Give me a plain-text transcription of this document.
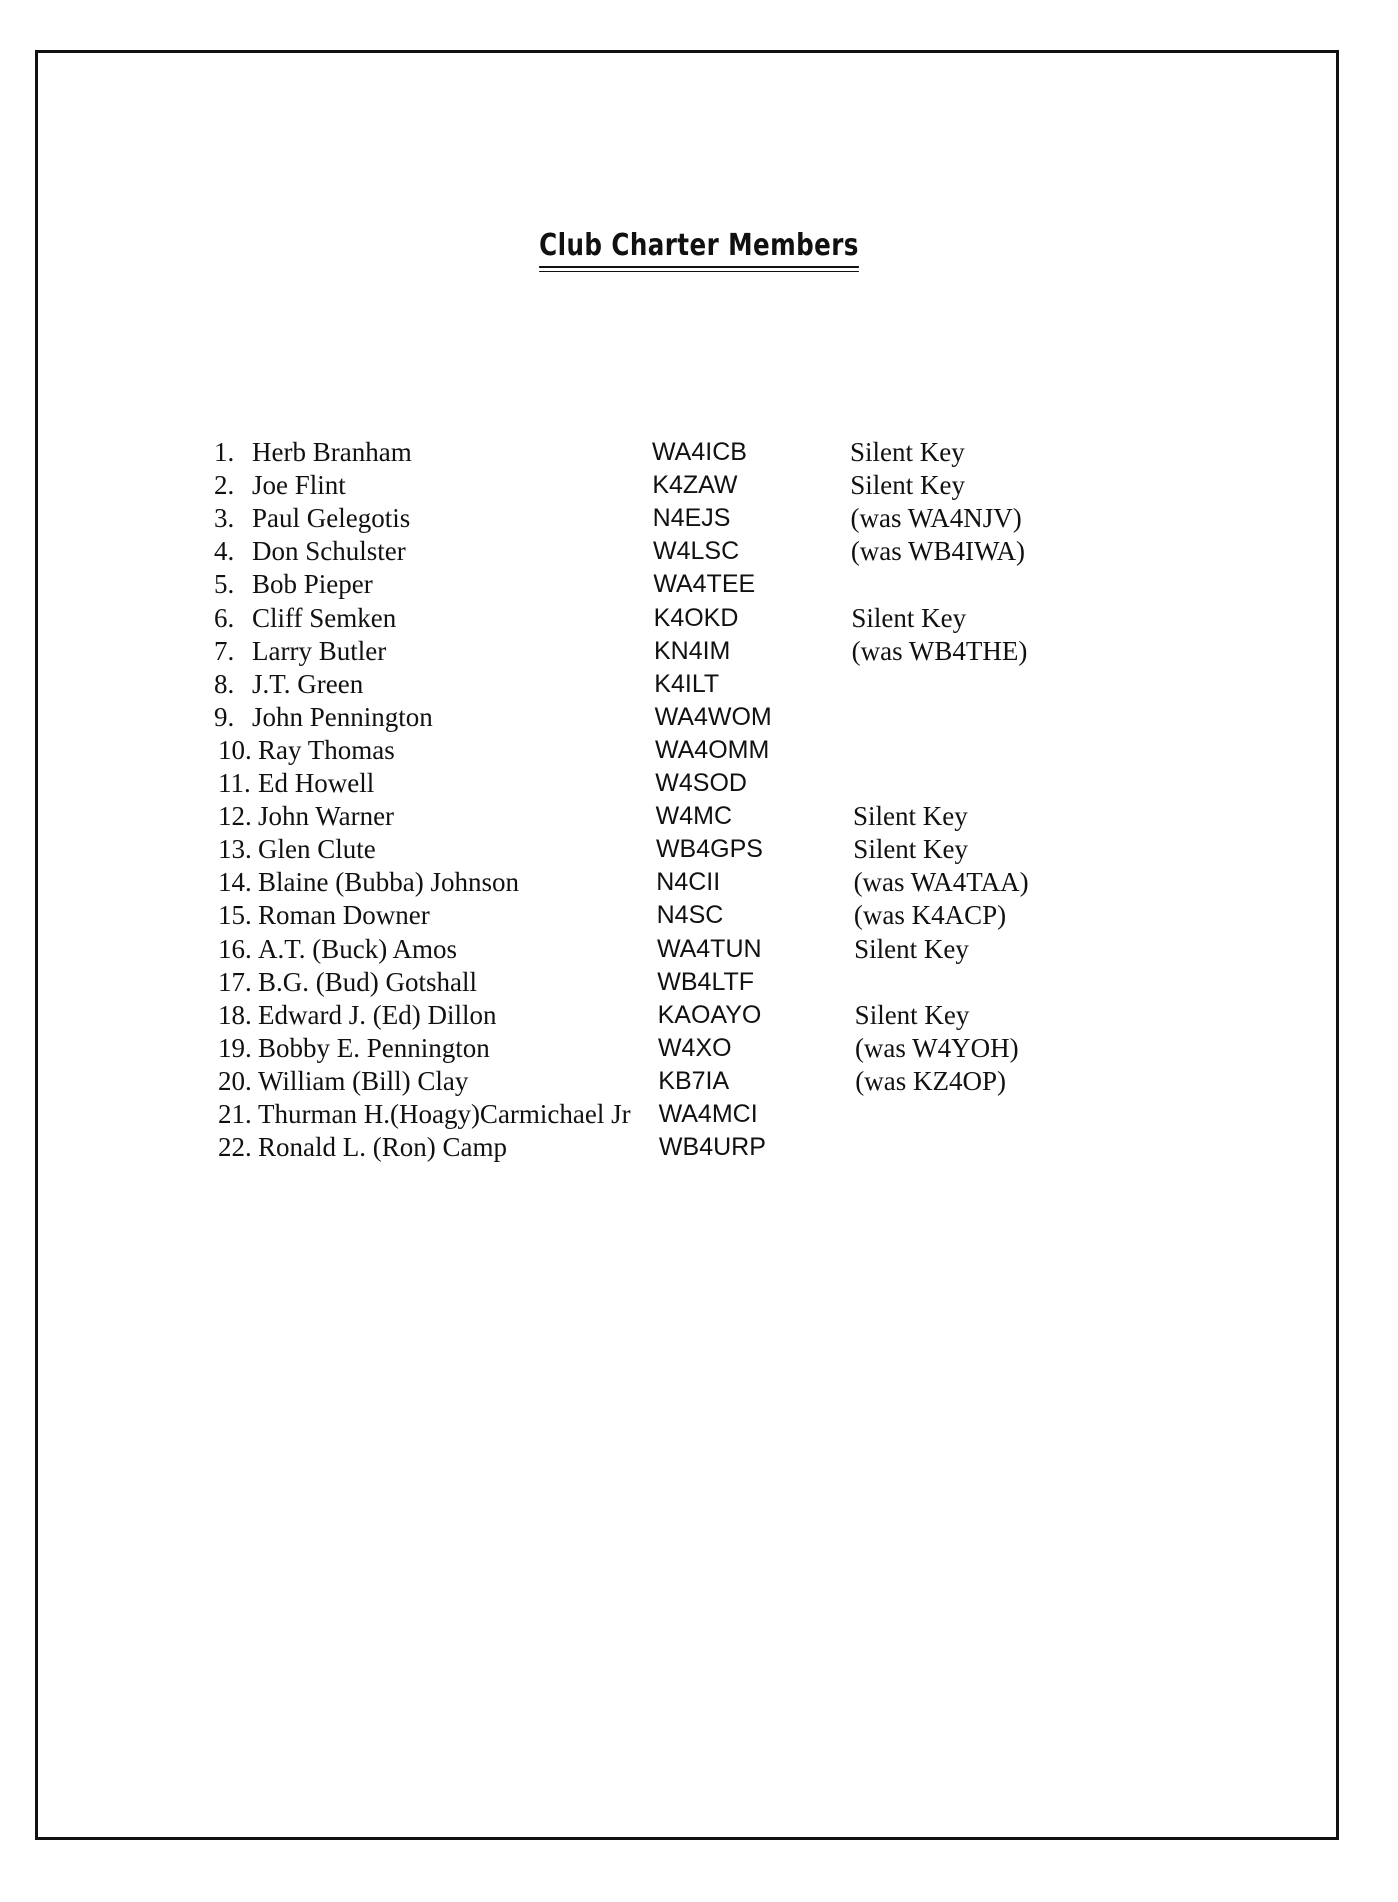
Club Charter Members
1. Herb Branham	WA4ICB	Silent Key
2. Joe Flint	K4ZAW	Silent Key
3. Paul Gelegotis	N4EJS	(was WA4NJV)
4. Don Schulster	W4LSC	(was WB4IWA)
5. Bob Pieper	WA4TEE
6. Cliff Semken	K4OKD	Silent Key
7. Larry Butler	KN4IM	(was WB4THE)
8. J.T. Green	K4ILT
9. John Pennington	WA4WOM
10. Ray Thomas	WA4OMM
11. Ed Howell	W4SOD
12. John Warner	W4MC	Silent Key
13. Glen Clute	WB4GPS	Silent Key
14. Blaine (Bubba) Johnson	N4CII	(was WA4TAA)
15. Roman Downer	N4SC	(was K4ACP)
16. A.T. (Buck) Amos	WA4TUN	Silent Key
17. B.G. (Bud) Gotshall	WB4LTF
18. Edward J. (Ed) Dillon	KAOAYO	Silent Key
19. Bobby E. Pennington	W4XO	(was W4YOH)
20. William (Bill) Clay	KB7IA	(was KZ4OP)
21. Thurman H.(Hoagy)Carmichael Jr WA4MCI
22. Ronald L. (Ron) Camp	WB4URP
